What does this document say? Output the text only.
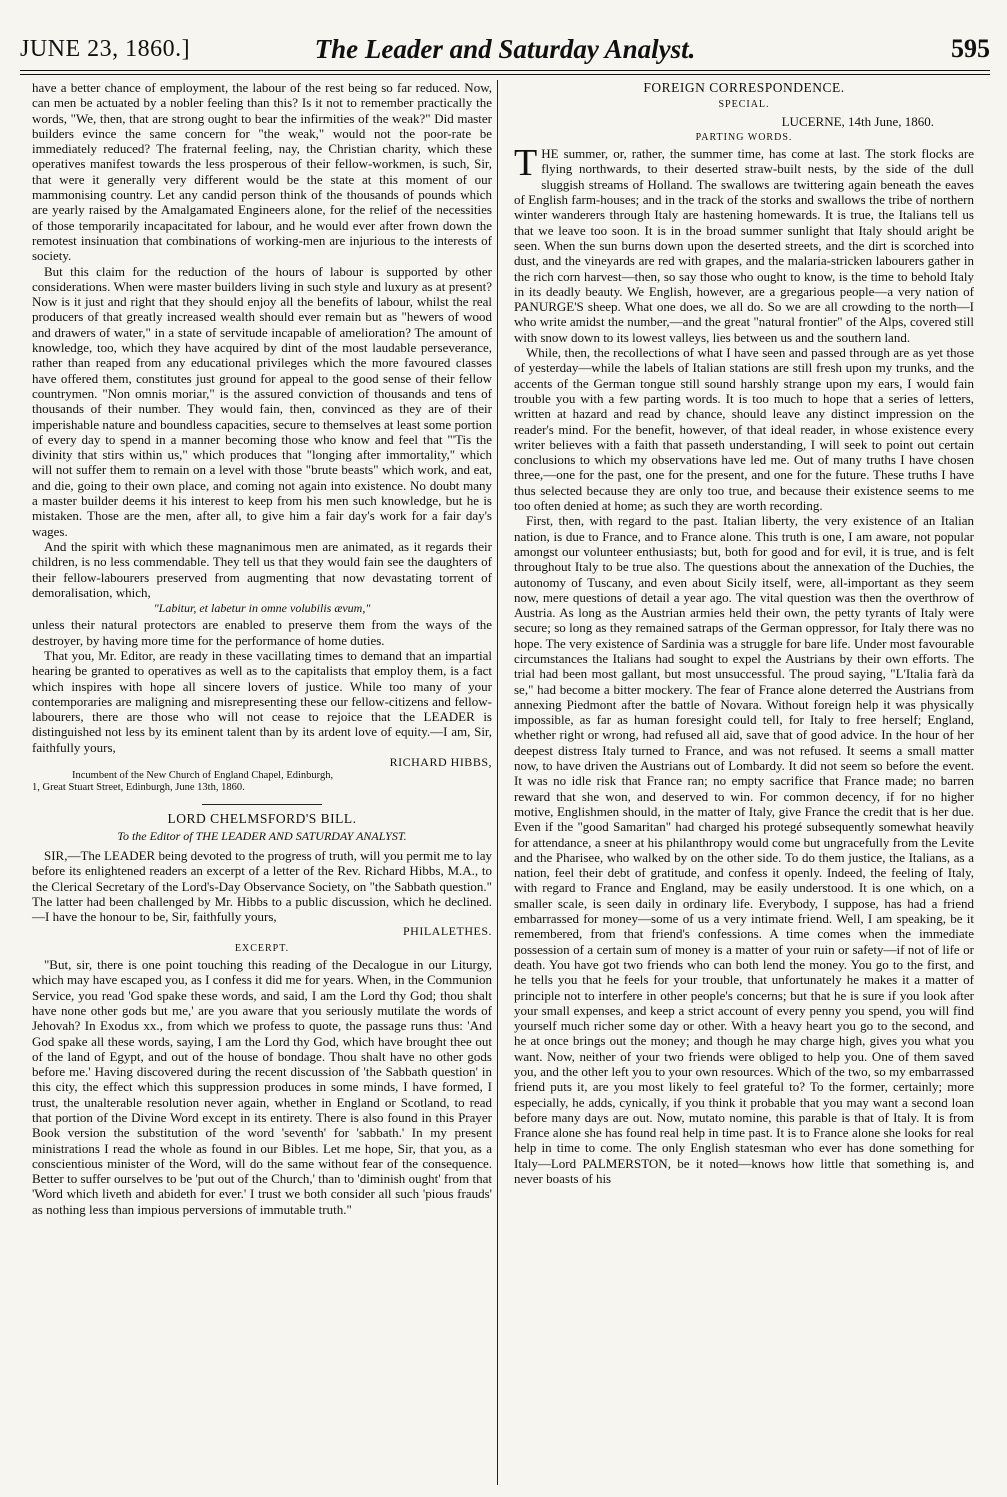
JUNE 23, 1860.]	The Leader and Saturday Analyst.	595

have a better chance of employment, the labour of the rest being so far reduced. Now, can men be actuated by a nobler feeling than this? Is it not to remember practically the words, "We, then, that are strong ought to bear the infirmities of the weak?" Did master builders evince the same concern for "the weak," would not the poor-rate be immediately reduced? The fraternal feeling, nay, the Christian charity, which these operatives manifest towards the less prosperous of their fellow-workmen, is such, Sir, that were it generally very different would be the state at this moment of our mammonising country. Let any candid person think of the thousands of pounds which are yearly raised by the Amalgamated Engineers alone, for the relief of the necessities of those temporarily incapacitated for labour, and he would ever after frown down the remotest insinuation that combinations of working-men are injurious to the interests of society.

But this claim for the reduction of the hours of labour is supported by other considerations. When were master builders living in such style and luxury as at present? Now is it just and right that they should enjoy all the benefits of labour, whilst the real producers of that greatly increased wealth should ever remain but as "hewers of wood and drawers of water," in a state of servitude incapable of amelioration? The amount of knowledge, too, which they have acquired by dint of the most laudable perseverance, rather than reaped from any educational privileges which the more favoured classes have offered them, constitutes just ground for appeal to the good sense of their fellow countrymen. "Non omnis moriar," is the assured conviction of thousands and tens of thousands of their number. They would fain, then, convinced as they are of their imperishable nature and boundless capacities, secure to themselves at least some portion of every day to spend in a manner becoming those who know and feel that "'Tis the divinity that stirs within us," which produces that "longing after immortality," which will not suffer them to remain on a level with those "brute beasts" which work, and eat, and die, going to their own place, and coming not again into existence. No doubt many a master builder deems it his interest to keep from his men such knowledge, but he is mistaken. Those are the men, after all, to give him a fair day's work for a fair day's wages.

And the spirit with which these magnanimous men are animated, as it regards their children, is no less commendable. They tell us that they would fain see the daughters of their fellow-labourers preserved from augmenting that now devastating torrent of demoralisation, which,

"Labitur, et labetur in omne volubilis ævum,"

unless their natural protectors are enabled to preserve them from the ways of the destroyer, by having more time for the performance of home duties.

That you, Mr. Editor, are ready in these vacillating times to demand that an impartial hearing be granted to operatives as well as to the capitalists that employ them, is a fact which inspires with hope all sincere lovers of justice. While too many of your contemporaries are maligning and misrepresenting these our fellow-citizens and fellow-labourers, there are those who will not cease to rejoice that the LEADER is distinguished not less by its eminent talent than by its ardent love of equity.—I am, Sir, faithfully yours,

RICHARD HIBBS,

Incumbent of the New Church of England Chapel, Edinburgh,

1, Great Stuart Street, Edinburgh, June 13th, 1860.

LORD CHELMSFORD'S BILL.
To the Editor of THE LEADER AND SATURDAY ANALYST.

SIR,—The LEADER being devoted to the progress of truth, will you permit me to lay before its enlightened readers an excerpt of a letter of the Rev. Richard Hibbs, M.A., to the Clerical Secretary of the Lord's-Day Observance Society, on "the Sabbath question." The latter had been challenged by Mr. Hibbs to a public discussion, which he declined.—I have the honour to be, Sir, faithfully yours,

PHILALETHES.
EXCERPT.

"But, sir, there is one point touching this reading of the Decalogue in our Liturgy, which may have escaped you, as I confess it did me for years. When, in the Communion Service, you read 'God spake these words, and said, I am the Lord thy God; thou shalt have none other gods but me,' are you aware that you seriously mutilate the words of Jehovah? In Exodus xx., from which we profess to quote, the passage runs thus: 'And God spake all these words, saying, I am the Lord thy God, which have brought thee out of the land of Egypt, and out of the house of bondage. Thou shalt have no other gods before me.' Having discovered during the recent discussion of 'the Sabbath question' in this city, the effect which this suppression produces in some minds, I have formed, I trust, the unalterable resolution never again, whether in England or Scotland, to read that portion of the Divine Word except in its entirety. There is also found in this Prayer Book version the substitution of the word 'seventh' for 'sabbath.' In my present ministrations I read the whole as found in our Bibles. Let me hope, Sir, that you, as a conscientious minister of the Word, will do the same without fear of the consequence. Better to suffer ourselves to be 'put out of the Church,' than to 'diminish ought' from that 'Word which liveth and abideth for ever.' I trust we both consider all such 'pious frauds' as nothing less than impious perversions of immutable truth."

FOREIGN CORRESPONDENCE.
SPECIAL.
LUCERNE, 14th June, 1860.
PARTING WORDS.

THE summer, or, rather, the summer time, has come at last. The stork flocks are flying northwards, to their deserted straw-built nests, by the side of the dull sluggish streams of Holland. The swallows are twittering again beneath the eaves of English farm-houses; and in the track of the storks and swallows the tribe of northern winter wanderers through Italy are hastening homewards. It is true, the Italians tell us that we leave too soon. It is in the broad summer sunlight that Italy should aright be seen. When the sun burns down upon the deserted streets, and the dirt is scorched into dust, and the vineyards are red with grapes, and the malaria-stricken labourers gather in the rich corn harvest—then, so say those who ought to know, is the time to behold Italy in its deadly beauty. We English, however, are a gregarious people—a very nation of PANURGE'S sheep. What one does, we all do. So we are all crowding to the north—I who write amidst the number,—and the great "natural frontier" of the Alps, covered still with snow down to its lowest valleys, lies between us and the southern land.

While, then, the recollections of what I have seen and passed through are as yet those of yesterday—while the labels of Italian stations are still fresh upon my trunks, and the accents of the German tongue still sound harshly strange upon my ears, I would fain trouble you with a few parting words. It is too much to hope that a series of letters, written at hazard and read by chance, should leave any distinct impression on the reader's mind. For the benefit, however, of that ideal reader, in whose existence every writer believes with a faith that passeth understanding, I will seek to point out certain conclusions to which my observations have led me. Out of many truths I have chosen three,—one for the past, one for the present, and one for the future. These truths I have thus selected because they are only too true, and because their existence seems to me too often denied at home; as such they are worth recording.

First, then, with regard to the past. Italian liberty, the very existence of an Italian nation, is due to France, and to France alone. This truth is one, I am aware, not popular amongst our volunteer enthusiasts; but, both for good and for evil, it is true, and is felt throughout Italy to be true also. The questions about the annexation of the Duchies, the autonomy of Tuscany, and even about Sicily itself, were, all-important as they seem now, mere questions of detail a year ago. The vital question was then the overthrow of Austria. As long as the Austrian armies held their own, the petty tyrants of Italy were secure; so long as they remained satraps of the German oppressor, for Italy there was no hope. The very existence of Sardinia was a struggle for bare life. Under most favourable circumstances the Italians had sought to expel the Austrians by their own efforts. The trial had been most gallant, but most unsuccessful. The proud saying, "L'Italia farà da se," had become a bitter mockery. The fear of France alone deterred the Austrians from annexing Piedmont after the battle of Novara. Without foreign help it was physically impossible, as far as human foresight could tell, for Italy to free herself; England, whether right or wrong, had refused all aid, save that of good advice. In the hour of her deepest distress Italy turned to France, and was not refused. It seems a small matter now, to have driven the Austrians out of Lombardy. It did not seem so before the event. It was no idle risk that France ran; no empty sacrifice that France made; no barren reward that she won, and deserved to win. For common decency, if for no higher motive, Englishmen should, in the matter of Italy, give France the credit that is her due. Even if the "good Samaritan" had charged his protegé subsequently somewhat heavily for attendance, a sneer at his philanthropy would come but ungracefully from the Levite and the Pharisee, who walked by on the other side. To do them justice, the Italians, as a nation, feel their debt of gratitude, and confess it openly. Indeed, the feeling of Italy, with regard to France and England, may be easily understood. It is one which, on a smaller scale, is seen daily in ordinary life. Everybody, I suppose, has had a friend embarrassed for money—some of us a very intimate friend. Well, I am speaking, be it remembered, from that friend's confessions. A time comes when the immediate possession of a certain sum of money is a matter of your ruin or safety—if not of life or death. You have got two friends who can both lend the money. You go to the first, and he tells you that he feels for your trouble, that unfortunately he makes it a matter of principle not to interfere in other people's concerns; but that he is sure if you look after your small expenses, and keep a strict account of every penny you spend, you will find yourself much richer some day or other. With a heavy heart you go to the second, and he at once brings out the money; and though he may charge high, gives you what you want. Now, neither of your two friends were obliged to help you. One of them saved you, and the other left you to your own resources. Which of the two, so my embarrassed friend puts it, are you most likely to feel grateful to? To the former, certainly; more especially, he adds, cynically, if you think it probable that you may want a second loan before many days are out. Now, mutato nomine, this parable is that of Italy. It is from France alone she has found real help in time past. It is to France alone she looks for real help in time to come. The only English statesman who ever has done something for Italy—Lord PALMERSTON, be it noted—knows how little that something is, and never boasts of his
